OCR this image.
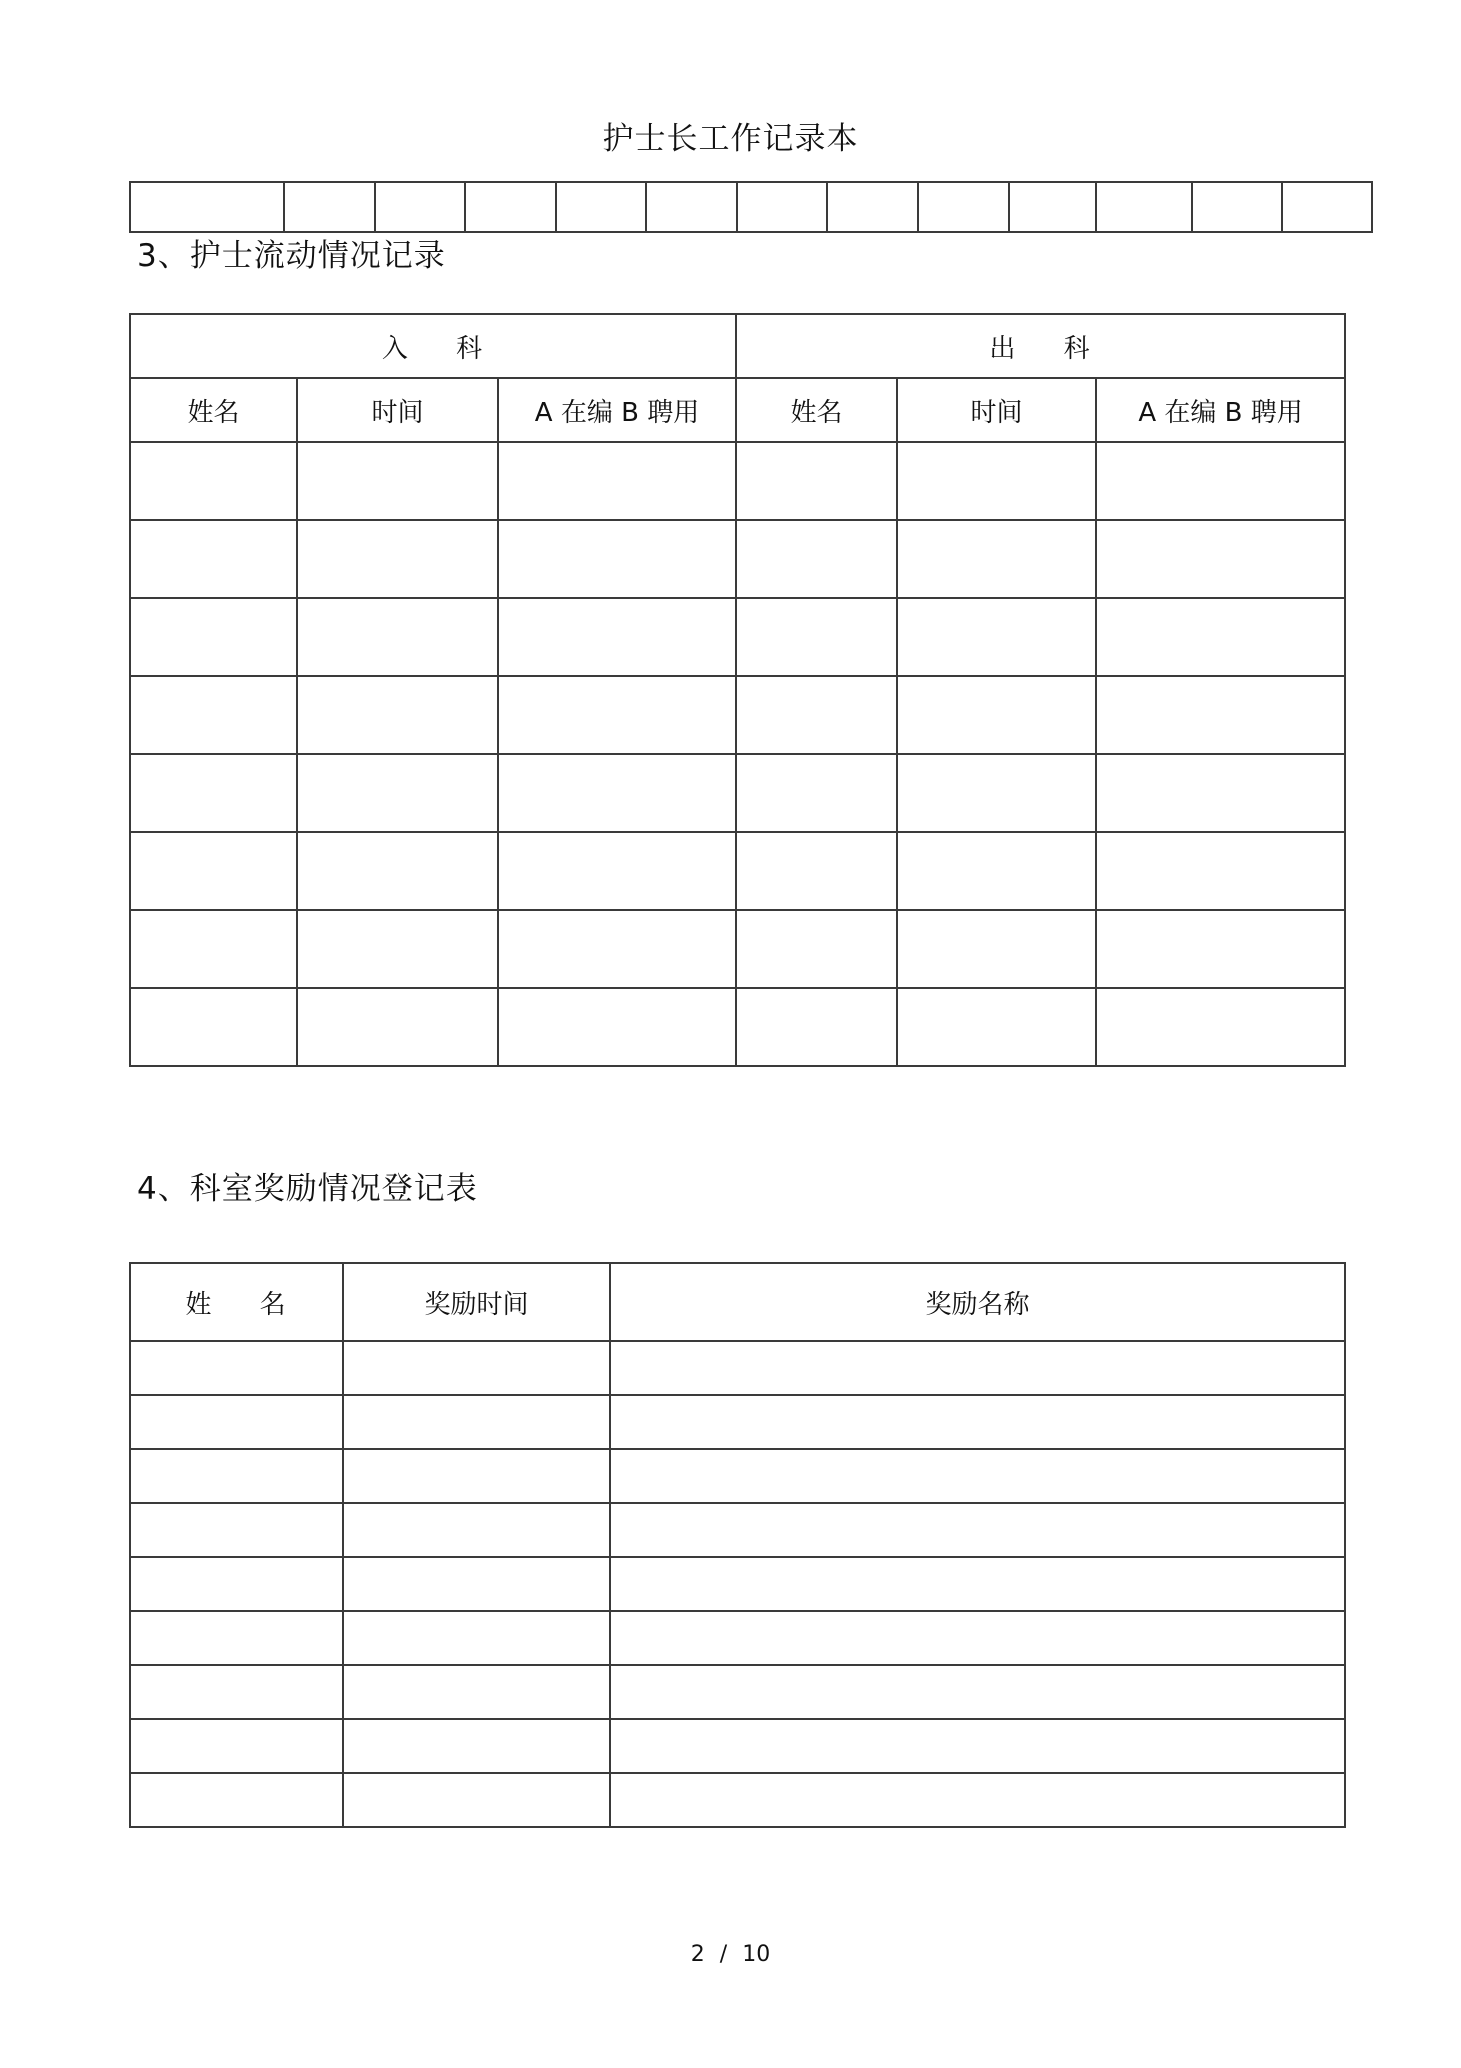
护士长工作记录本

3、护士流动情况记录
入 科			出 科		
姓名	时间	A 在编 B 聘用	姓名	时间	A 在编 B 聘用

4、科室奖励情况登记表
姓 名	奖励时间	奖励名称

2 / 10
